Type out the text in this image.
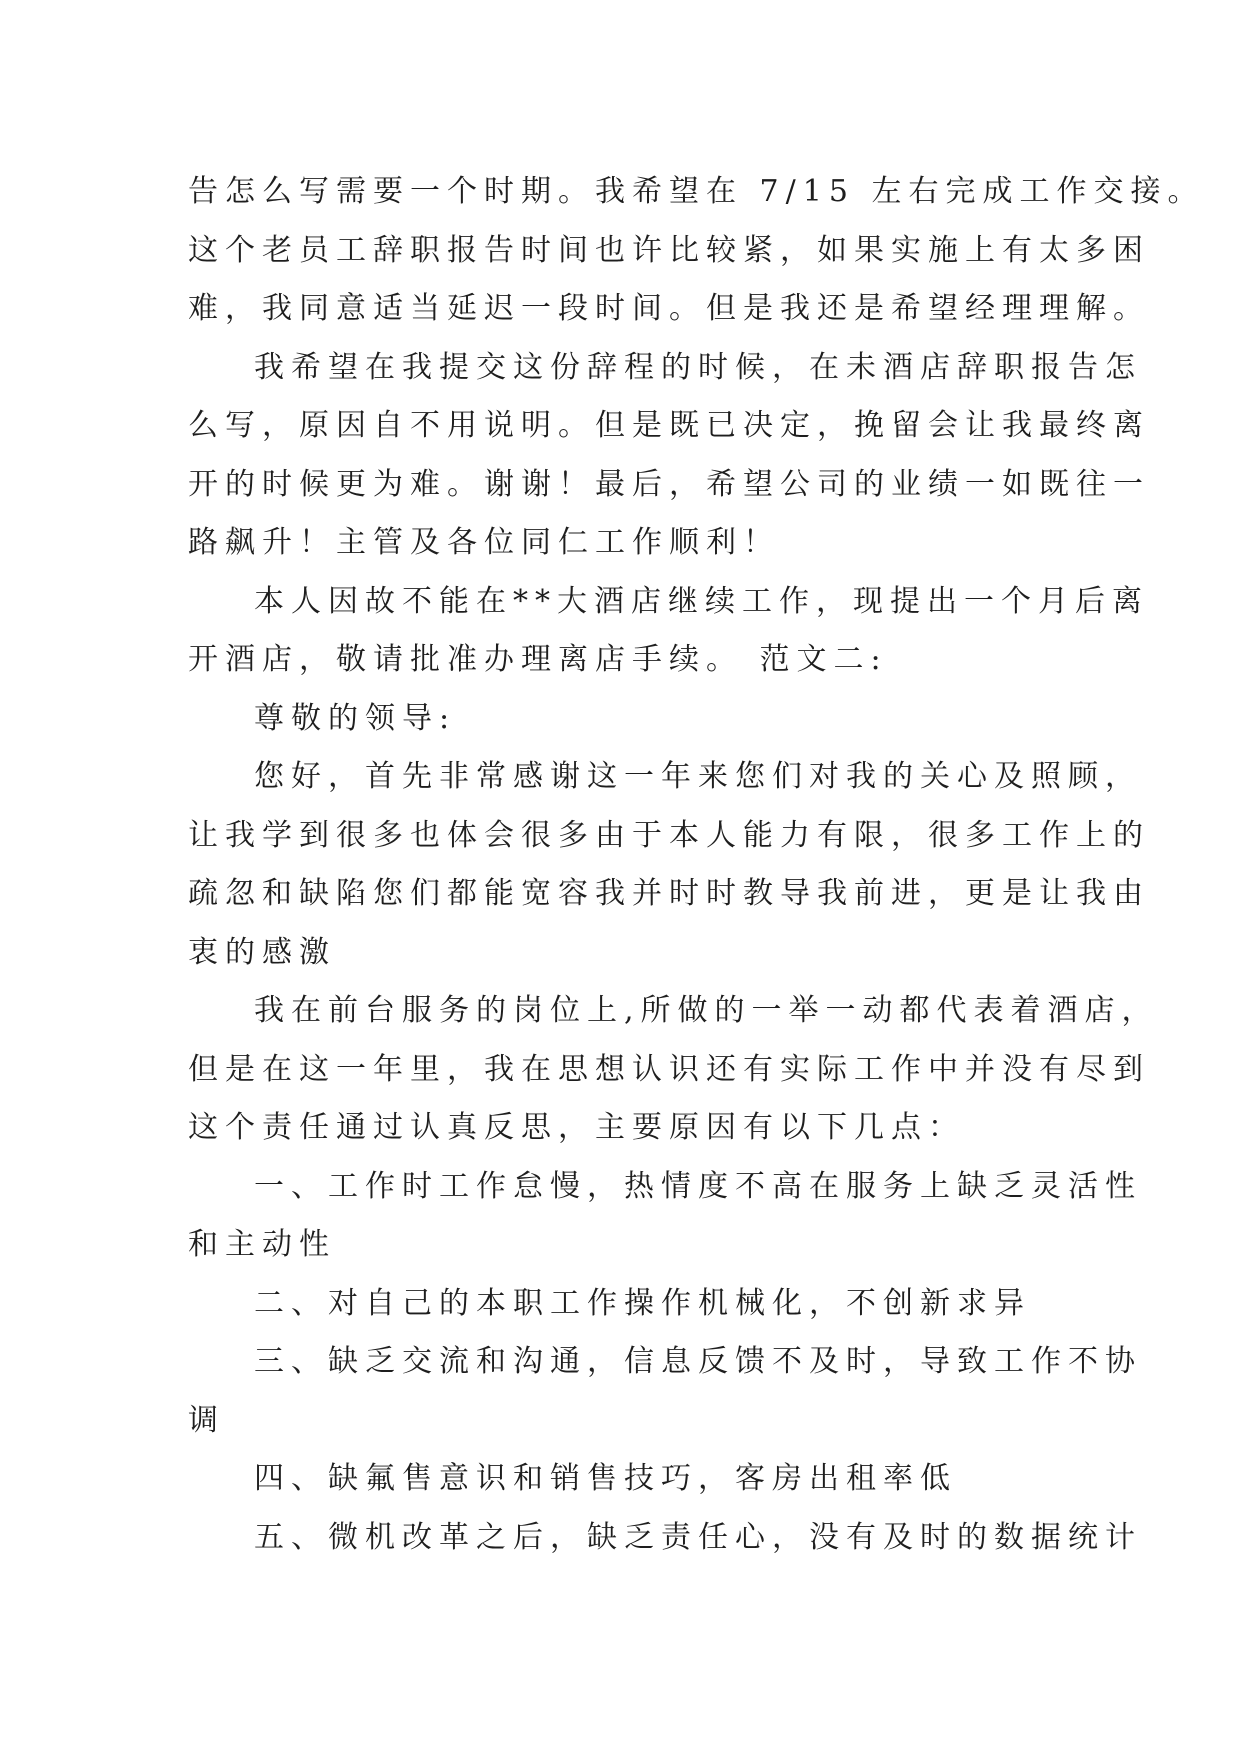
告怎么写需要一个时期。我希望在 7/15 左右完成工作交接。
这个老员工辞职报告时间也许比较紧，如果实施上有太多困
难，我同意适当延迟一段时间。但是我还是希望经理理解。
我希望在我提交这份辞程的时候，在未酒店辞职报告怎
么写，原因自不用说明。但是既已决定，挽留会让我最终离
开的时候更为难。谢谢！最后，希望公司的业绩一如既往一
路飙升！主管及各位同仁工作顺利！
本人因故不能在**大酒店继续工作，现提出一个月后离
开酒店，敬请批准办理离店手续。 范文二:
尊敬的领导:
您好，首先非常感谢这一年来您们对我的关心及照顾，
让我学到很多也体会很多由于本人能力有限，很多工作上的
疏忽和缺陷您们都能宽容我并时时教导我前进，更是让我由
衷的感激
我在前台服务的岗位上,所做的一举一动都代表着酒店，
但是在这一年里，我在思想认识还有实际工作中并没有尽到
这个责任通过认真反思，主要原因有以下几点：
一、工作时工作怠慢，热情度不高在服务上缺乏灵活性
和主动性
二、对自己的本职工作操作机械化，不创新求异
三、缺乏交流和沟通，信息反馈不及时，导致工作不协
调
四、缺氟售意识和销售技巧，客房出租率低
五、微机改革之后，缺乏责任心，没有及时的数据统计
